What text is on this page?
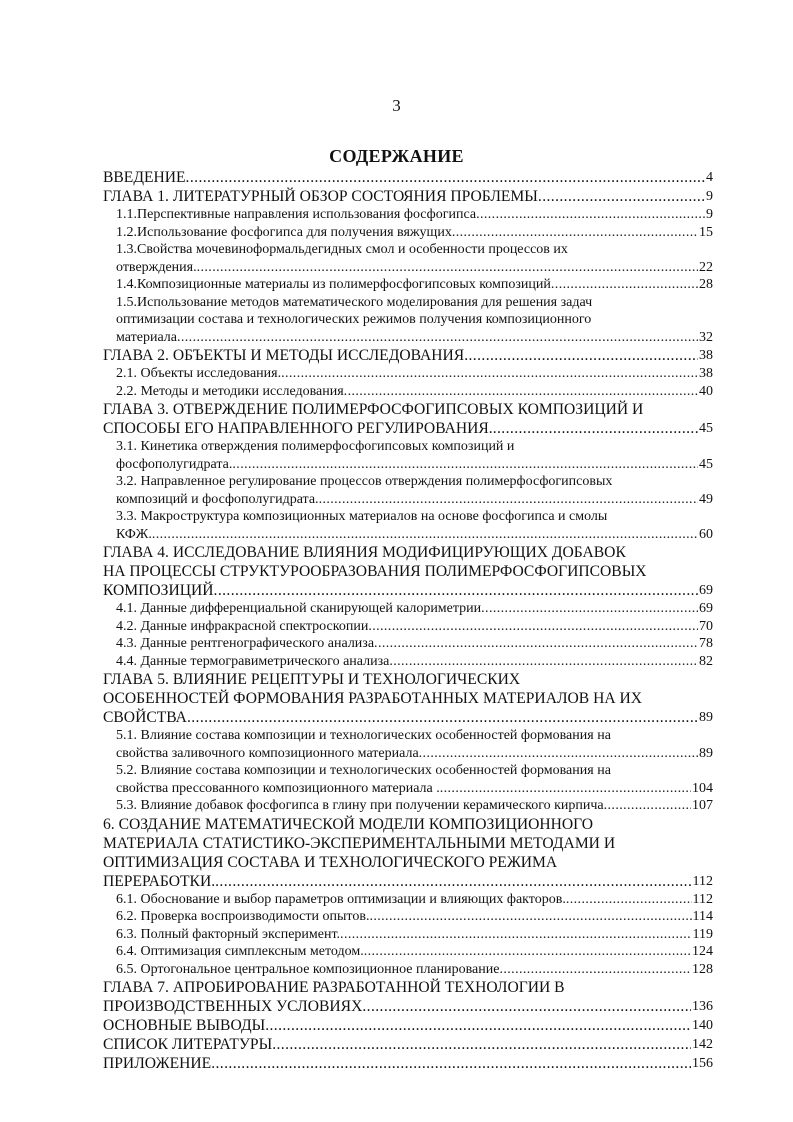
3
СОДЕРЖАНИЕ
ВВЕДЕНИЕ .....	4
ГЛАВА 1. ЛИТЕРАТУРНЫЙ ОБЗОР СОСТОЯНИЯ ПРОБЛЕМЫ .....	9
1.1.Перспективные направления использования фосфогипса .....	9
1.2.Использование фосфогипса для получения вяжущих .....	15
1.3.Свойства мочевиноформальдегидных смол и особенности процессов их
отверждения. .....	22
1.4.Композиционные материалы из полимерфосфогипсовых композиций .....	28
1.5.Использование методов математического моделирования для решения задач
оптимизации состава и технологических режимов получения композиционного
материала .....	32
ГЛАВА 2. ОБЪЕКТЫ И МЕТОДЫ ИССЛЕДОВАНИЯ .....	38
2.1. Объекты исследования. .....	38
2.2. Методы и методики исследования .....	40
ГЛАВА 3. ОТВЕРЖДЕНИЕ ПОЛИМЕРФОСФОГИПСОВЫХ КОМПОЗИЦИЙ И
СПОСОБЫ ЕГО НАПРАВЛЕННОГО РЕГУЛИРОВАНИЯ. .....	45
3.1. Кинетика отверждения полимерфосфогипсовых композиций и
фосфополугидрата. .....	45
3.2. Направленное регулирование процессов отверждения полимерфосфогипсовых
композиций и фосфополугидрата. .....	49
3.3. Макроструктура композиционных материалов на основе фосфогипса и смолы
КФЖ. .....	60
ГЛАВА 4. ИССЛЕДОВАНИЕ ВЛИЯНИЯ МОДИФИЦИРУЮЩИХ ДОБАВОК
НА ПРОЦЕССЫ СТРУКТУРООБРАЗОВАНИЯ ПОЛИМЕРФОСФОГИПСОВЫХ
КОМПОЗИЦИЙ .....	69
4.1. Данные дифференциальной сканирующей калориметрии .....	69
4.2. Данные инфракрасной спектроскопии .....	70
4.3. Данные рентгенографического анализа .....	78
4.4. Данные термогравиметрического анализа .....	82
ГЛАВА 5. ВЛИЯНИЕ РЕЦЕПТУРЫ И ТЕХНОЛОГИЧЕСКИХ
ОСОБЕННОСТЕЙ ФОРМОВАНИЯ РАЗРАБОТАННЫХ МАТЕРИАЛОВ НА ИХ
СВОЙСТВА .....	89
5.1. Влияние состава композиции и технологических особенностей формования на
свойства заливочного композиционного материала .....	89
5.2. Влияние состава композиции и технологических особенностей формования на
свойства прессованного композиционного материала . .....	104
5.3. Влияние добавок фосфогипса в глину при получении керамического кирпича .....	107
6. СОЗДАНИЕ МАТЕМАТИЧЕСКОЙ МОДЕЛИ КОМПОЗИЦИОННОГО
МАТЕРИАЛА СТАТИСТИКО-ЭКСПЕРИМЕНТАЛЬНЫМИ МЕТОДАМИ И
ОПТИМИЗАЦИЯ СОСТАВА И ТЕХНОЛОГИЧЕСКОГО РЕЖИМА
ПЕРЕРАБОТКИ. .....	112
6.1. Обоснование и выбор параметров оптимизации и влияющих факторов. .....	112
6.2. Проверка воспроизводимости опытов. .....	114
6.3. Полный факторный эксперимент. .....	119
6.4. Оптимизация симплексным методом. .....	124
6.5. Ортогональное центральное композиционное планирование .....	128
ГЛАВА 7. АПРОБИРОВАНИЕ РАЗРАБОТАННОЙ ТЕХНОЛОГИИ В
ПРОИЗВОДСТВЕННЫХ УСЛОВИЯХ .....	136
ОСНОВНЫЕ ВЫВОДЫ .....	140
СПИСОК ЛИТЕРАТУРЫ .....	142
ПРИЛОЖЕНИЕ .....	156
